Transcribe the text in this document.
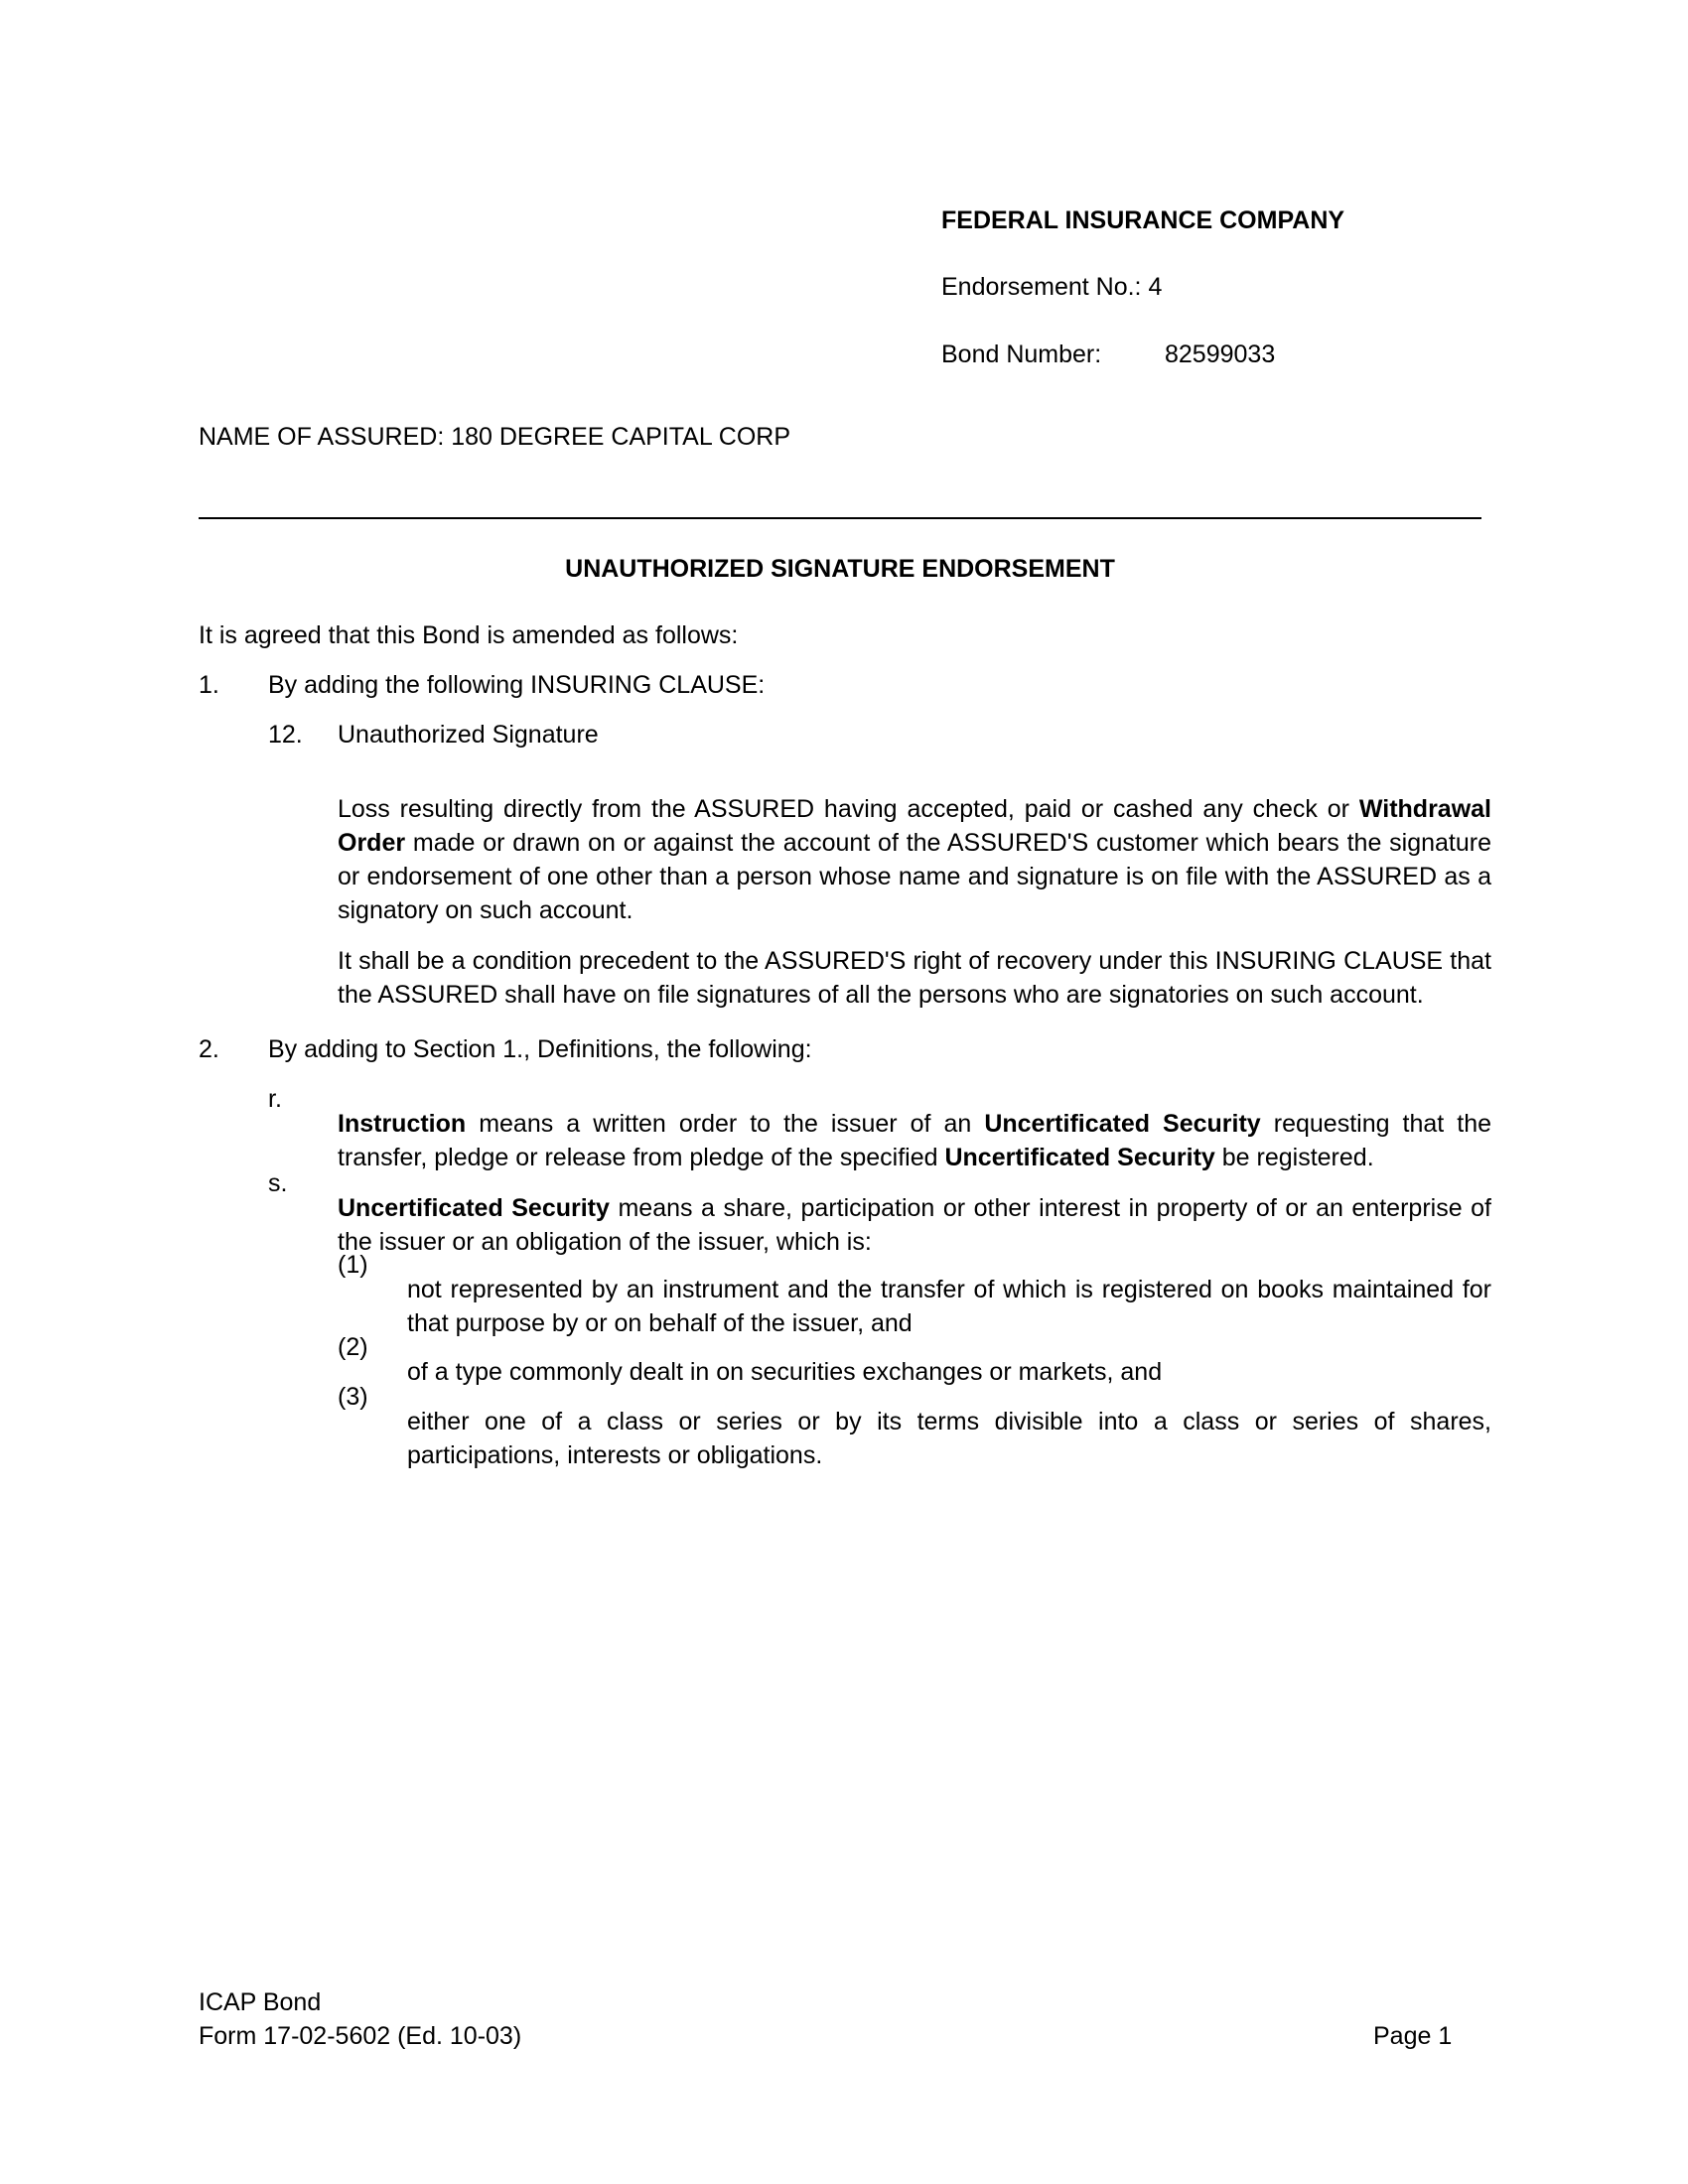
FEDERAL INSURANCE COMPANY
Endorsement No.: 4
Bond Number:	82599033
NAME OF ASSURED: 180 DEGREE CAPITAL CORP
UNAUTHORIZED SIGNATURE ENDORSEMENT
It is agreed that this Bond is amended as follows:
1. By adding the following INSURING CLAUSE:
12. Unauthorized Signature

Loss resulting directly from the ASSURED having accepted, paid or cashed any check or Withdrawal Order made or drawn on or against the account of the ASSURED'S customer which bears the signature or endorsement of one other than a person whose name and signature is on file with the ASSURED as a signatory on such account.

It shall be a condition precedent to the ASSURED'S right of recovery under this INSURING CLAUSE that the ASSURED shall have on file signatures of all the persons who are signatories on such account.

2. By adding to Section 1., Definitions, the following:
r.

Instruction means a written order to the issuer of an Uncertificated Security requesting that the transfer, pledge or release from pledge of the specified Uncertificated Security be registered.

s.

Uncertificated Security means a share, participation or other interest in property of or an enterprise of the issuer or an obligation of the issuer, which is:

(1)

not represented by an instrument and the transfer of which is registered on books maintained for that purpose by or on behalf of the issuer, and

(2)

of a type commonly dealt in on securities exchanges or markets, and

(3)

either one of a class or series or by its terms divisible into a class or series of shares, participations, interests or obligations.

ICAP Bond
Form 17-02-5602 (Ed. 10-03)	Page 1
